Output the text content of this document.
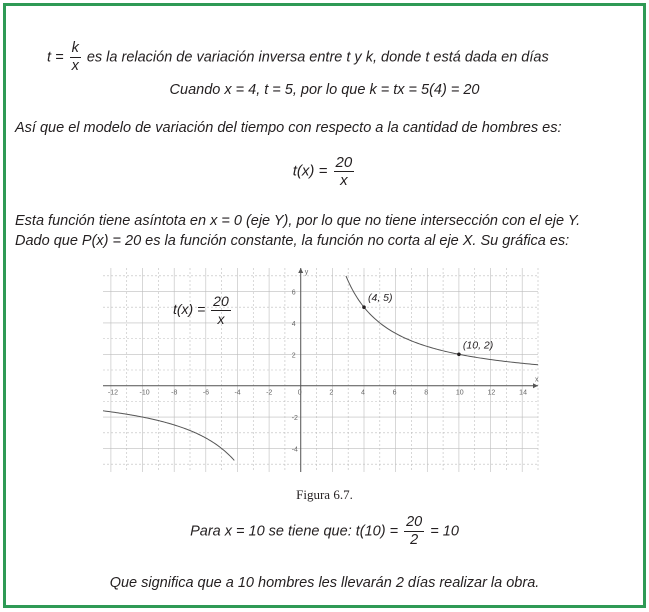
$t = \frac{k}{x}$ es la relación de variación inversa entre t y k, donde t está dada en días
Cuando x = 4, t = 5, por lo que k = tx = 5(4) = 20
Así que el modelo de variación del tiempo con respecto a la cantidad de hombres es:
$t(x) = \frac{20}{x}$
Esta función tiene asíntota en x = 0 (eje Y), por lo que no tiene intersección con el eje Y.
Dado que P(x) = 20 es la función constante, la función no corta al eje X. Su gráfica es:
x
y
-12	-10	-8	-6	-4	-2	0	2	4	6	8	10	12	14
-4
-2
2
4
6	(4, 5)
(10, 2)
$t(x) = \frac{20}{x}$
Figura 6.7.
Para x = 10 se tiene que: $t(10) = \frac{20}{2} = 10$
Que significa que a 10 hombres les llevarán 2 días realizar la obra.
